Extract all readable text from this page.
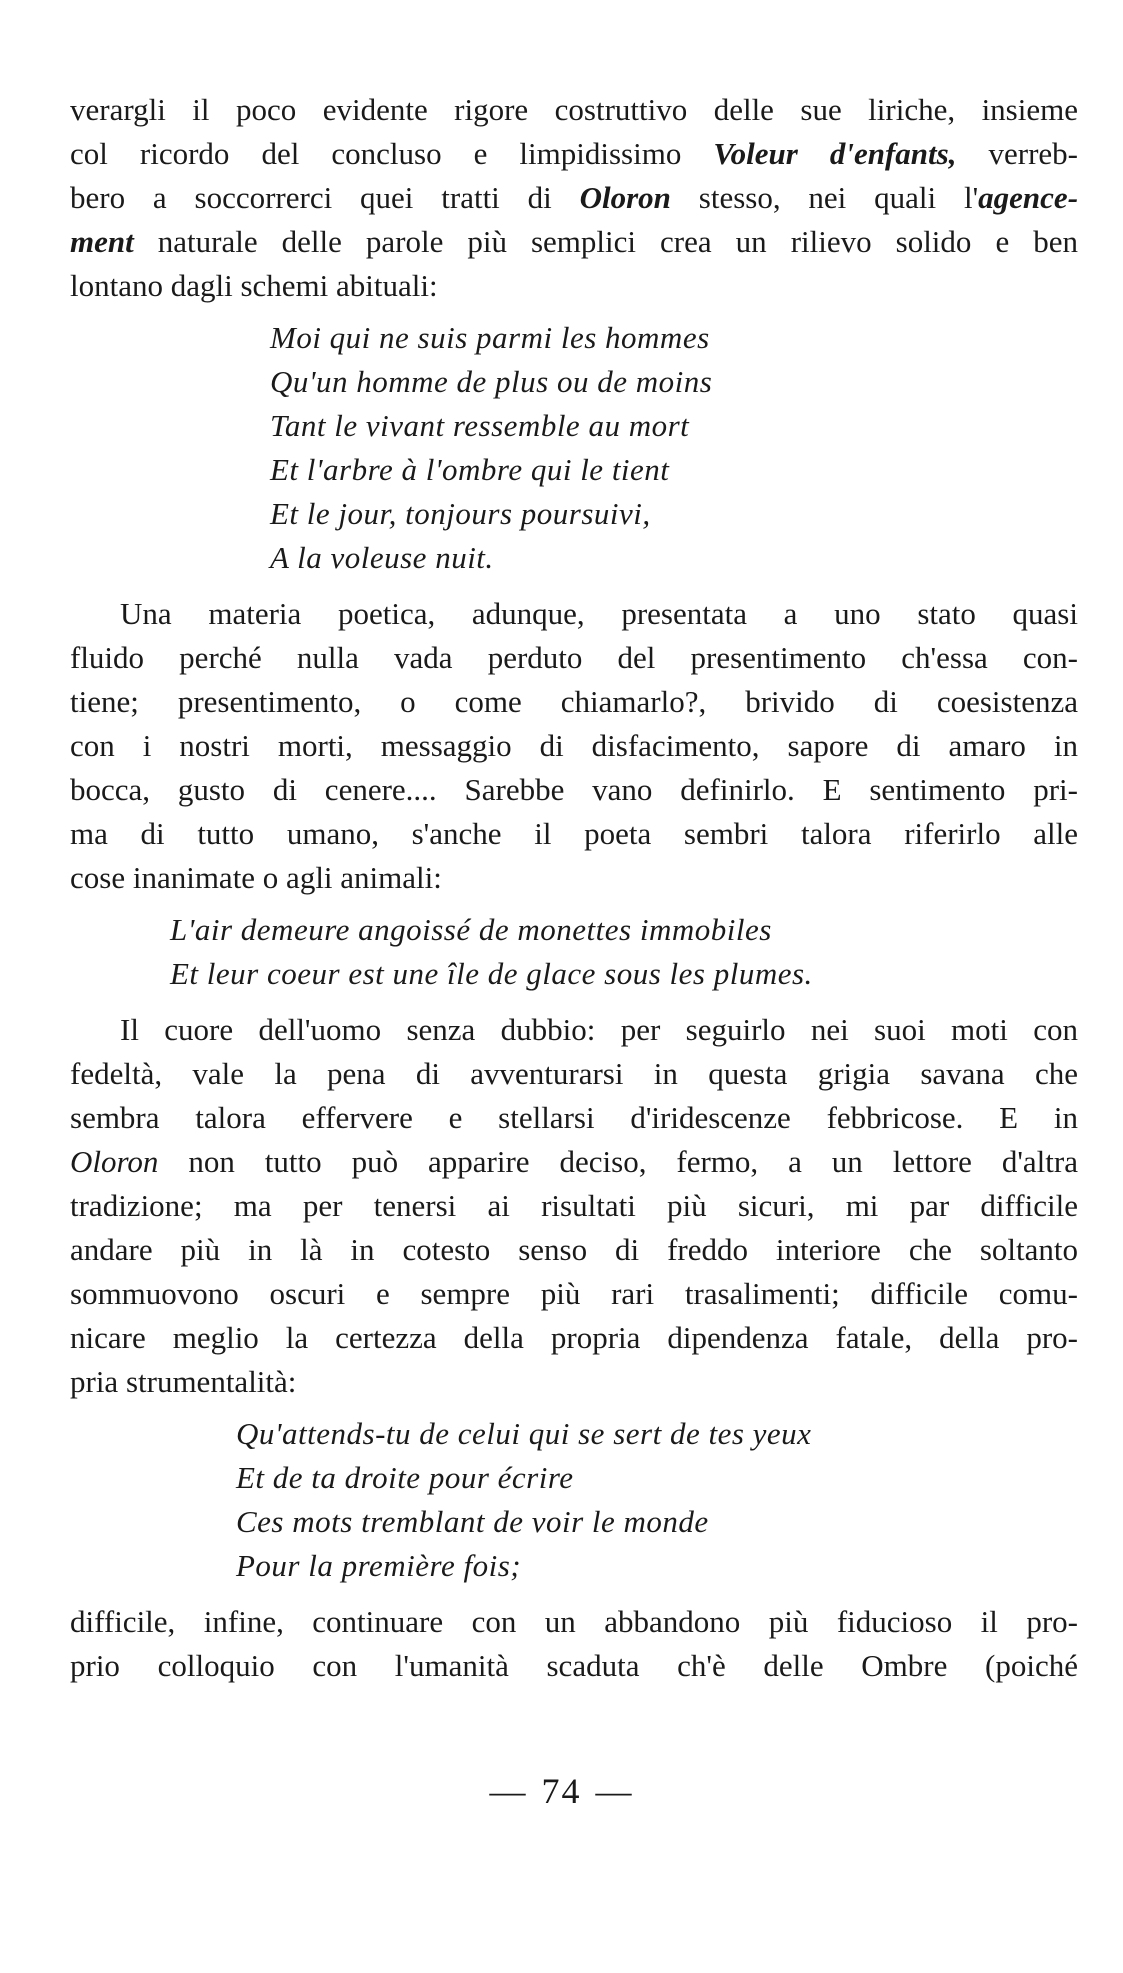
verargli il poco evidente rigore costruttivo delle sue liriche, insieme

col ricordo del concluso e limpidissimo Voleur d'enfants, verreb-

bero a soccorrerci quei tratti di Oloron stesso, nei quali l'agence-

ment naturale delle parole più semplici crea un rilievo solido e ben

lontano dagli schemi abituali:

Moi qui ne suis parmi les hommes
Qu'un homme de plus ou de moins
Tant le vivant ressemble au mort
Et l'arbre à l'ombre qui le tient
Et le jour, tonjours poursuivi,
A la voleuse nuit.

Una materia poetica, adunque, presentata a uno stato quasi

fluido perché nulla vada perduto del presentimento ch'essa con-

tiene; presentimento, o come chiamarlo?, brivido di coesistenza

con i nostri morti, messaggio di disfacimento, sapore di amaro in

bocca, gusto di cenere.... Sarebbe vano definirlo. E sentimento pri-

ma di tutto umano, s'anche il poeta sembri talora riferirlo alle

cose inanimate o agli animali:

L'air demeure angoissé de monettes immobiles
Et leur coeur est une île de glace sous les plumes.

Il cuore dell'uomo senza dubbio: per seguirlo nei suoi moti con

fedeltà, vale la pena di avventurarsi in questa grigia savana che

sembra talora effervere e stellarsi d'iridescenze febbricose. E in

Oloron non tutto può apparire deciso, fermo, a un lettore d'altra

tradizione; ma per tenersi ai risultati più sicuri, mi par difficile

andare più in là in cotesto senso di freddo interiore che soltanto

sommuovono oscuri e sempre più rari trasalimenti; difficile comu-

nicare meglio la certezza della propria dipendenza fatale, della pro-

pria strumentalità:

Qu'attends-tu de celui qui se sert de tes yeux
Et de ta droite pour écrire
Ces mots tremblant de voir le monde
Pour la première fois;

difficile, infine, continuare con un abbandono più fiducioso il pro-

prio colloquio con l'umanità scaduta ch'è delle Ombre (poiché

— 74 —
